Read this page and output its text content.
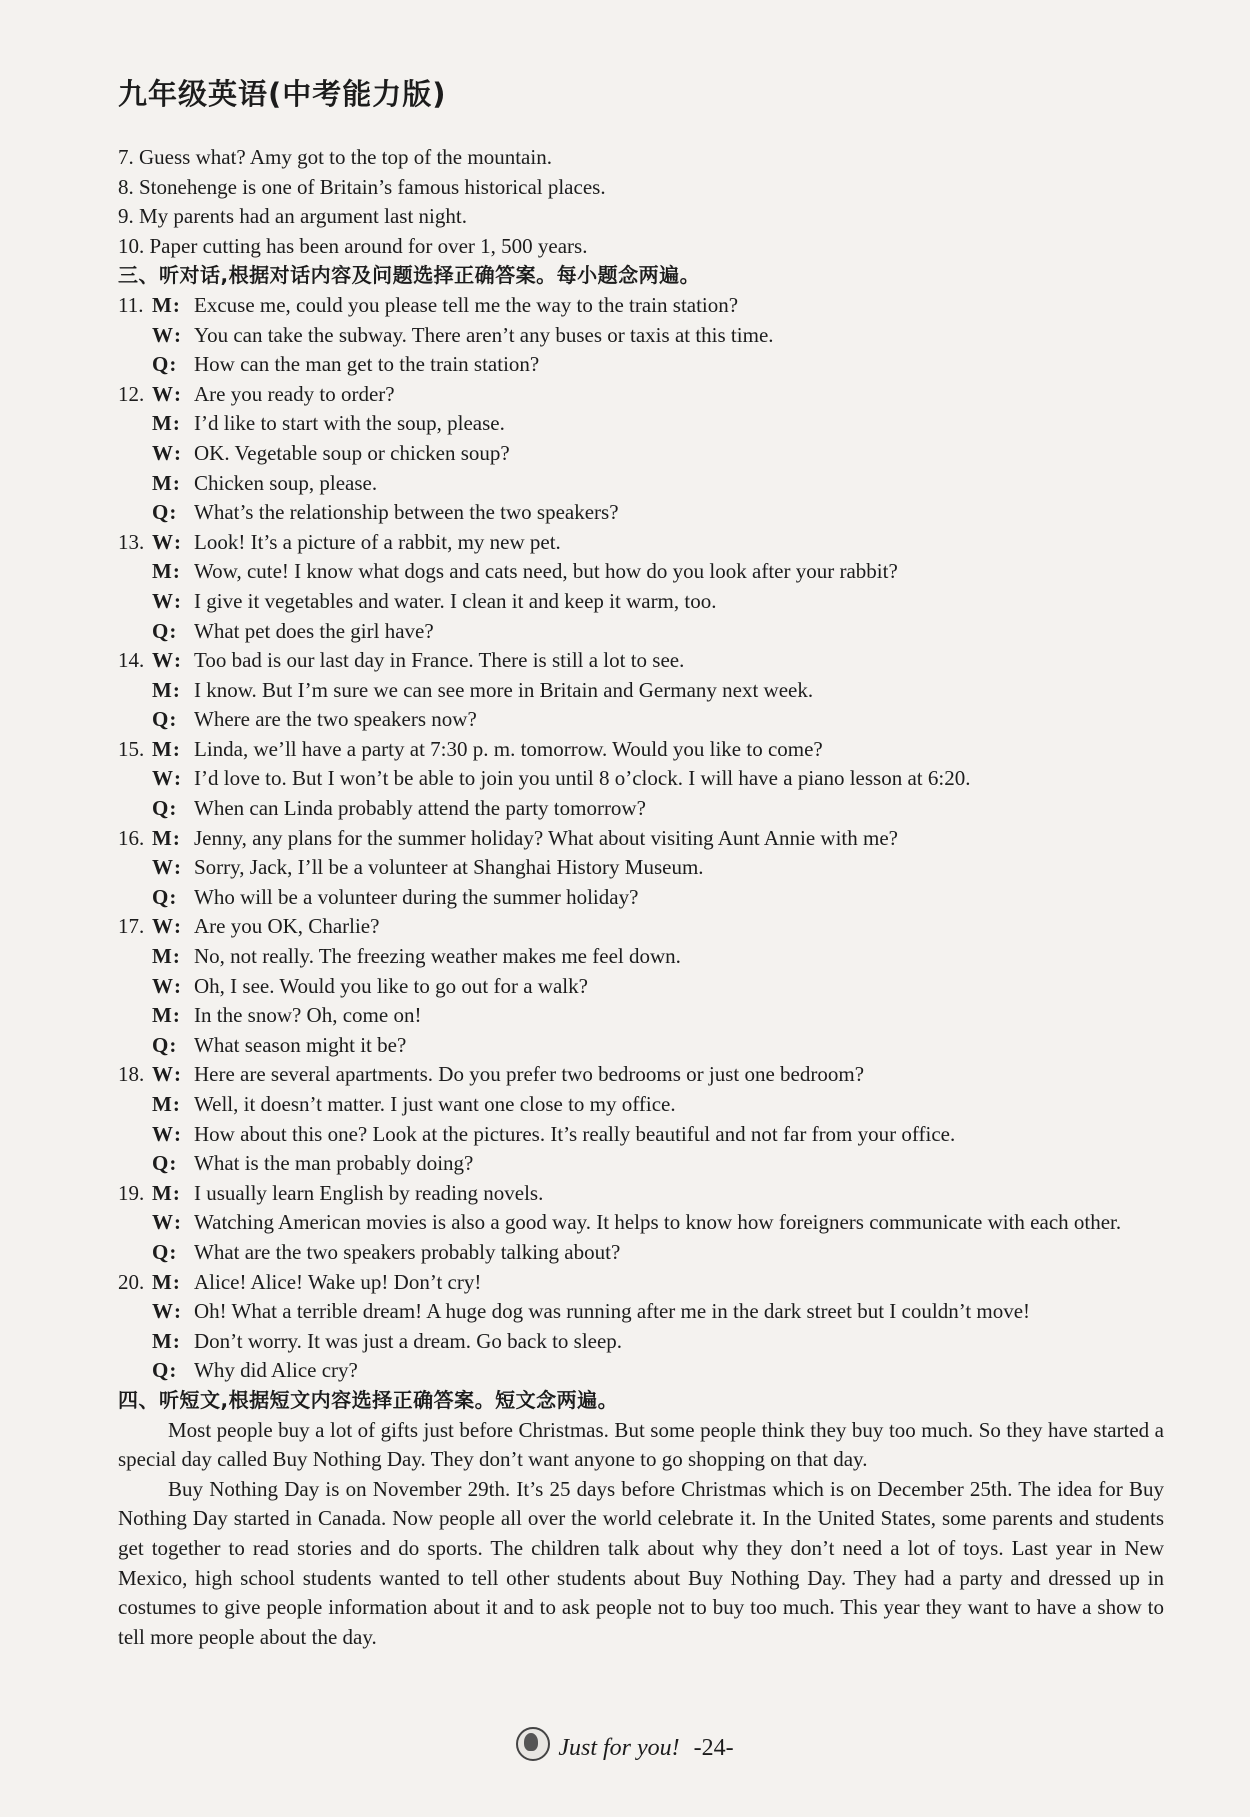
九年级英语(中考能力版)
7. Guess what? Amy got to the top of the mountain.
8. Stonehenge is one of Britain’s famous historical places.
9. My parents had an argument last night.
10. Paper cutting has been around for over 1, 500 years.
三、听对话,根据对话内容及问题选择正确答案。每小题念两遍。
11. M :	Excuse me, could you please tell me the way to the train station?
W :	You can take the subway. There aren’t any buses or taxis at this time.
Q :	How can the man get to the train station?
12. W :	Are you ready to order?
M :	I’d like to start with the soup, please.
W :	OK. Vegetable soup or chicken soup?
M :	Chicken soup, please.
Q :	What’s the relationship between the two speakers?
13. W :	Look! It’s a picture of a rabbit, my new pet.
M :	Wow, cute! I know what dogs and cats need, but how do you look after your rabbit?
W :	I give it vegetables and water. I clean it and keep it warm, too.
Q :	What pet does the girl have?
14. W :	Too bad is our last day in France. There is still a lot to see.
M :	I know. But I’m sure we can see more in Britain and Germany next week.
Q :	Where are the two speakers now?
15. M :	Linda, we’ll have a party at 7:30 p. m. tomorrow. Would you like to come?
W :	I’d love to. But I won’t be able to join you until 8 o’clock. I will have a piano lesson at 6:20.
Q :	When can Linda probably attend the party tomorrow?
16. M :	Jenny, any plans for the summer holiday? What about visiting Aunt Annie with me?
W :	Sorry, Jack, I’ll be a volunteer at Shanghai History Museum.
Q :	Who will be a volunteer during the summer holiday?
17. W :	Are you OK, Charlie?
M :	No, not really. The freezing weather makes me feel down.
W :	Oh, I see. Would you like to go out for a walk?
M :	In the snow? Oh, come on!
Q :	What season might it be?
18. W :	Here are several apartments. Do you prefer two bedrooms or just one bedroom?
M :	Well, it doesn’t matter. I just want one close to my office.
W :	How about this one? Look at the pictures. It’s really beautiful and not far from your office.
Q :	What is the man probably doing?
19. M :	I usually learn English by reading novels.
W :	Watching American movies is also a good way. It helps to know how foreigners communicate with each other.
Q :	What are the two speakers probably talking about?
20. M :	Alice! Alice! Wake up! Don’t cry!
W :	Oh! What a terrible dream! A huge dog was running after me in the dark street but I couldn’t move!
M :	Don’t worry. It was just a dream. Go back to sleep.
Q :	Why did Alice cry?
四、听短文,根据短文内容选择正确答案。短文念两遍。
Most people buy a lot of gifts just before Christmas. But some people think they buy too much. So they have started a special day called Buy Nothing Day. They don’t want anyone to go shopping on that day.
Buy Nothing Day is on November 29th. It’s 25 days before Christmas which is on December 25th. The idea for Buy Nothing Day started in Canada. Now people all over the world celebrate it. In the United States, some parents and students get together to read stories and do sports. The children talk about why they don’t need a lot of toys. Last year in New Mexico, high school students wanted to tell other students about Buy Nothing Day. They had a party and dressed up in costumes to give people information about it and to ask people not to buy too much. This year they want to have a show to tell more people about the day.
Just for you! -24-
